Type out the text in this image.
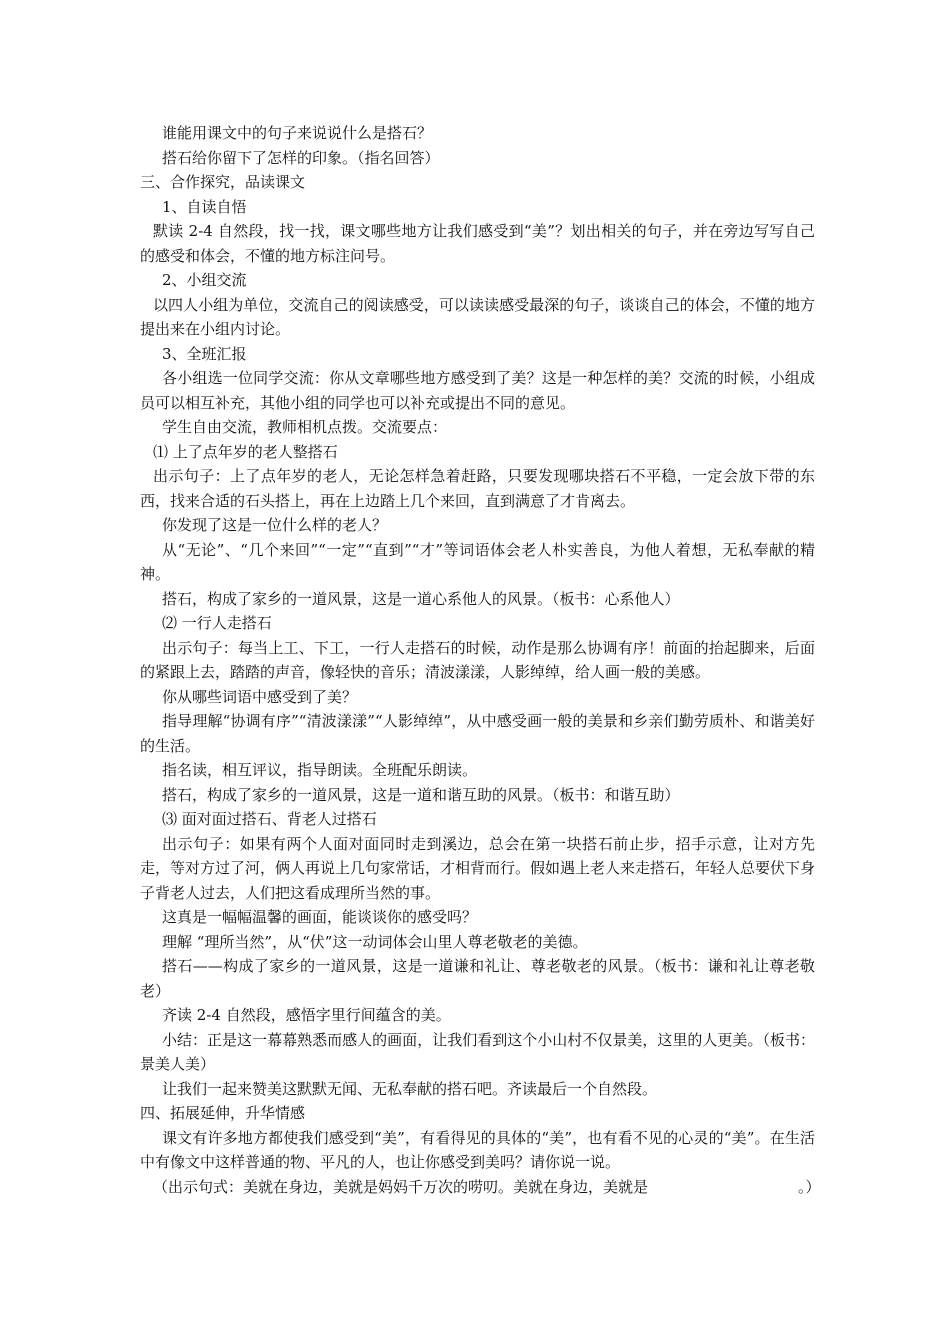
谁能用课文中的句子来说说什么是搭石？

搭石给你留下了怎样的印象。（指名回答）

三、合作探究，品读课文

1、自读自悟

默读 2-4 自然段，找一找，课文哪些地方让我们感受到“美”？划出相关的句子，并在旁边写写自己的感受和体会，不懂的地方标注问号。

2、小组交流

以四人小组为单位，交流自己的阅读感受，可以读读感受最深的句子，谈谈自己的体会，不懂的地方提出来在小组内讨论。

3、全班汇报

各小组选一位同学交流：你从文章哪些地方感受到了美？这是一种怎样的美？交流的时候，小组成员可以相互补充，其他小组的同学也可以补充或提出不同的意见。

学生自由交流，教师相机点拨。交流要点：

⑴ 上了点年岁的老人整搭石

出示句子：上了点年岁的老人，无论怎样急着赶路，只要发现哪块搭石不平稳，一定会放下带的东西，找来合适的石头搭上，再在上边踏上几个来回，直到满意了才肯离去。

你发现了这是一位什么样的老人？

从“无论”、“几个来回”“一定”“直到”“才”等词语体会老人朴实善良，为他人着想，无私奉献的精神。

搭石，构成了家乡的一道风景，这是一道心系他人的风景。（板书：心系他人）

⑵ 一行人走搭石

出示句子：每当上工、下工，一行人走搭石的时候，动作是那么协调有序！前面的抬起脚来，后面的紧跟上去，踏踏的声音，像轻快的音乐；清波漾漾，人影绰绰，给人画一般的美感。

你从哪些词语中感受到了美？

指导理解“协调有序”“清波漾漾”“人影绰绰”，从中感受画一般的美景和乡亲们勤劳质朴、和谐美好的生活。

指名读，相互评议，指导朗读。全班配乐朗读。

搭石，构成了家乡的一道风景，这是一道和谐互助的风景。（板书：和谐互助）

⑶ 面对面过搭石、背老人过搭石

出示句子：如果有两个人面对面同时走到溪边，总会在第一块搭石前止步，招手示意，让对方先走，等对方过了河，俩人再说上几句家常话，才相背而行。假如遇上老人来走搭石，年轻人总要伏下身子背老人过去，人们把这看成理所当然的事。

这真是一幅幅温馨的画面，能谈谈你的感受吗？

理解 “理所当然”，从“伏”这一动词体会山里人尊老敬老的美德。

搭石——构成了家乡的一道风景，这是一道谦和礼让、尊老敬老的风景。（板书：谦和礼让尊老敬老）

齐读 2-4 自然段，感悟字里行间蕴含的美。

小结：正是这一幕幕熟悉而感人的画面，让我们看到这个小山村不仅景美，这里的人更美。（板书：景美人美）

让我们一起来赞美这默默无闻、无私奉献的搭石吧。齐读最后一个自然段。

四、拓展延伸，升华情感

课文有许多地方都使我们感受到“美”，有看得见的具体的“美”，也有看不见的心灵的“美”。在生活中有像文中这样普通的物、平凡的人，也让你感受到美吗？请你说一说。

（出示句式：美就在身边，美就是妈妈千万次的唠叨。美就在身边，美就是　　　　　　　　　　。）
